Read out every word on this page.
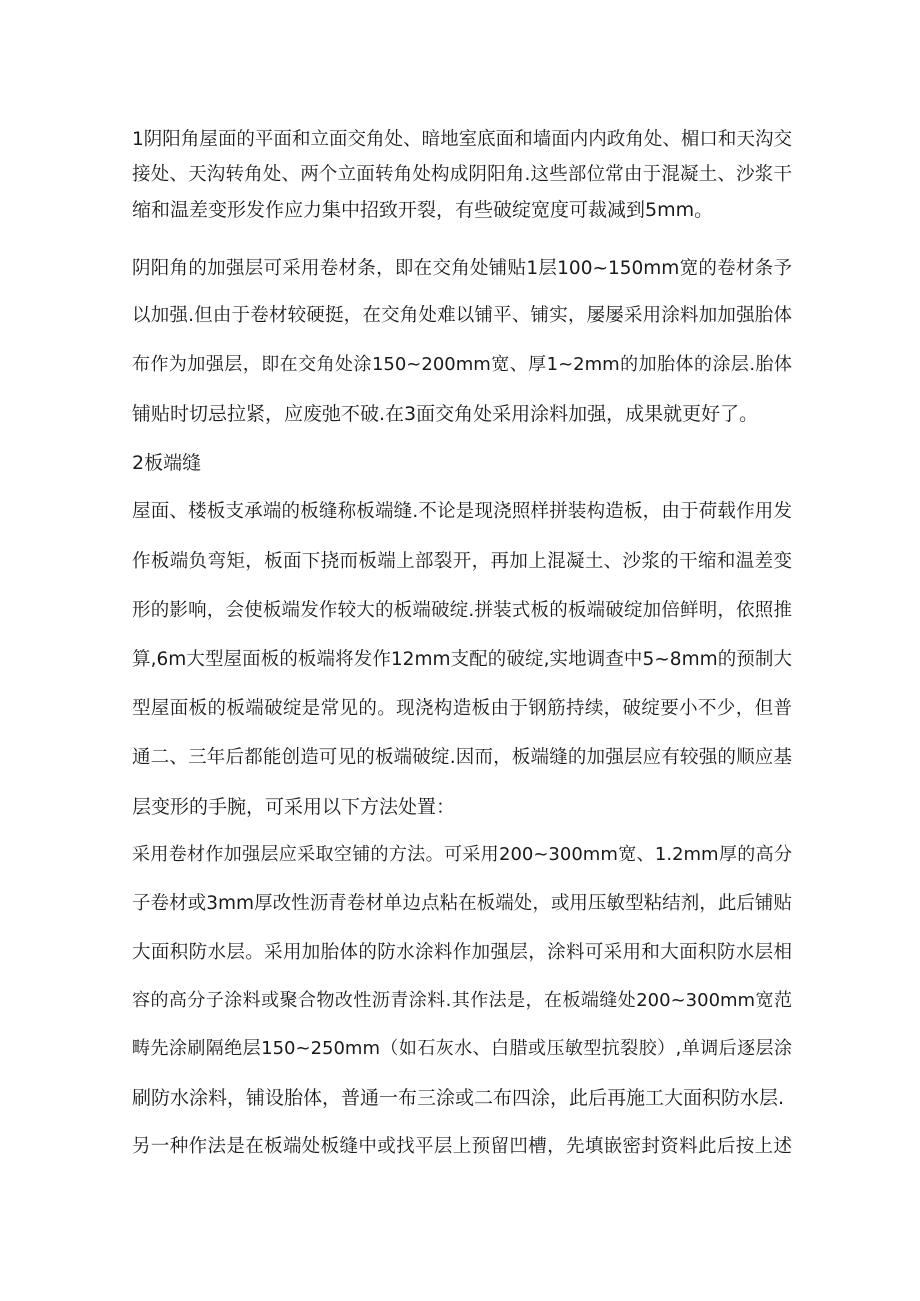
1阴阳角屋面的平面和立面交角处、暗地室底面和墙面内内政角处、楣口和天沟交
接处、天沟转角处、两个立面转角处构成阴阳角.这些部位常由于混凝土、沙浆干
缩和温差变形发作应力集中招致开裂，有些破绽宽度可裁减到5mm。
阴阳角的加强层可采用卷材条，即在交角处铺贴1层100~150mm宽的卷材条予
以加强.但由于卷材较硬挺，在交角处难以铺平、铺实，屡屡采用涂料加加强胎体
布作为加强层，即在交角处涂150~200mm宽、厚1~2mm的加胎体的涂层.胎体
铺贴时切忌拉紧，应废弛不破.在3面交角处采用涂料加强，成果就更好了。
2板端缝
屋面、楼板支承端的板缝称板端缝.不论是现浇照样拼装构造板，由于荷载作用发
作板端负弯矩，板面下挠而板端上部裂开，再加上混凝土、沙浆的干缩和温差变
形的影响，会使板端发作较大的板端破绽.拼装式板的板端破绽加倍鲜明，依照推
算,6m大型屋面板的板端将发作12mm支配的破绽,实地调查中5~8mm的预制大
型屋面板的板端破绽是常见的。现浇构造板由于钢筋持续，破绽要小不少，但普
通二、三年后都能创造可见的板端破绽.因而，板端缝的加强层应有较强的顺应基
层变形的手腕，可采用以下方法处置：
采用卷材作加强层应采取空铺的方法。可采用200~300mm宽、1.2mm厚的高分
子卷材或3mm厚改性沥青卷材单边点粘在板端处，或用压敏型粘结剂，此后铺贴
大面积防水层。采用加胎体的防水涂料作加强层，涂料可采用和大面积防水层相
容的高分子涂料或聚合物改性沥青涂料.其作法是，在板端缝处200~300mm宽范
畴先涂刷隔绝层150~250mm（如石灰水、白腊或压敏型抗裂胶）,单调后逐层涂
刷防水涂料，铺设胎体，普通一布三涂或二布四涂，此后再施工大面积防水层.
另一种作法是在板端处板缝中或找平层上预留凹槽，先填嵌密封资料此后按上述
